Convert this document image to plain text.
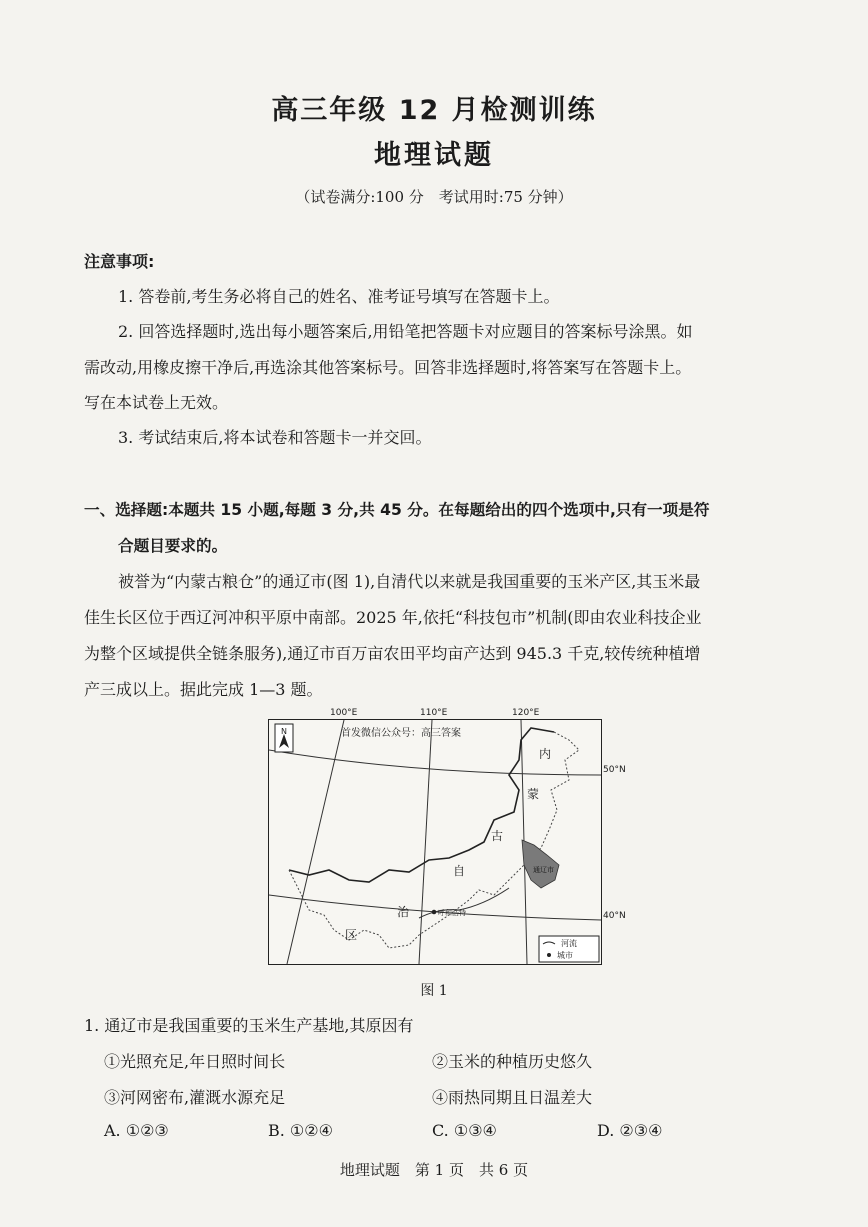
高三年级 12 月检测训练
地理试题
（试卷满分:100 分　考试用时:75 分钟）
注意事项:
1. 答卷前,考生务必将自己的姓名、准考证号填写在答题卡上。
2. 回答选择题时,选出每小题答案后,用铅笔把答题卡对应题目的答案标号涂黑。如
需改动,用橡皮擦干净后,再选涂其他答案标号。回答非选择题时,将答案写在答题卡上。
写在本试卷上无效。
3. 考试结束后,将本试卷和答题卡一并交回。
一、选择题:本题共 15 小题,每题 3 分,共 45 分。在每题给出的四个选项中,只有一项是符
合题目要求的。
被誉为“内蒙古粮仓”的通辽市(图 1),自清代以来就是我国重要的玉米产区,其玉米最
佳生长区位于西辽河冲积平原中南部。2025 年,依托“科技包市”机制(即由农业科技企业
为整个区域提供全链条服务),通辽市百万亩农田平均亩产达到 945.3 千克,较传统种植增
产三成以上。据此完成 1—3 题。
100°E	110°E	120°E
50°N
40°N
N	首发微信公众号：高三答案
内
蒙
古
自
治
区
呼和浩特
通辽市
河流
城市
图 1
1. 通辽市是我国重要的玉米生产基地,其原因有
①光照充足,年日照时间长	②玉米的种植历史悠久
③河网密布,灌溉水源充足	④雨热同期且日温差大
A. ①②③	B. ①②④	C. ①③④	D. ②③④
地理试题　第 1 页　共 6 页
